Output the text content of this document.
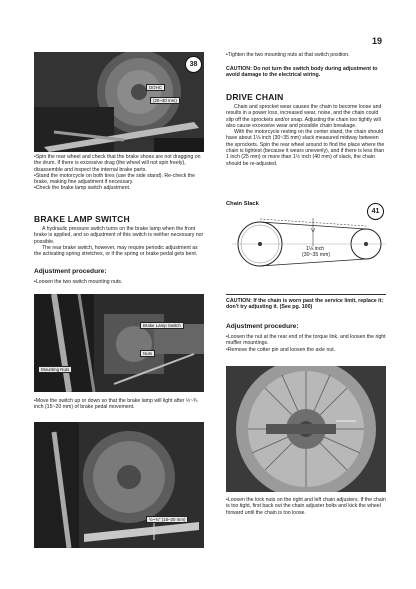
19
DOHC
(20~30 mm)
38

•Spin the rear wheel and check that the brake shoes are not dragging on the drum. If there is excessive drag (the wheel will not spin freely), disassemble and inspect the internal brake parts.

•Stand the motorcycle on both tires (use the side stand). Re-check the brake, making fine adjustment if necessary.

•Check the brake lamp switch adjustment.

BRAKE LAMP SWITCH

A hydraulic pressure switch turns on the brake lamp when the front brake is applied, and so adjustment of this switch is neither necessary nor possible.

The rear brake switch, however, may require periodic adjustment as the activating spring stretches, or if the spring or brake pedal gets bent.

Adjustment procedure:
•Loosen the two switch mounting nuts.
Brake Lamp Switch
Nuts
Mounting Nuts
•Move the switch up or down so that the brake lamp will light after ½~¾ inch (15~20 mm) of brake pedal movement.
½~¾" (15~20 mm)
•Tighten the two mounting nuts at that switch position.
CAUTION: Do not turn the switch body during adjustment to avoid damage to the electrical wiring.
DRIVE CHAIN

Chain and sprocket wear causes the chain to become loose and results in a power loss, increased wear, noise, and the chain could slip off the sprockets and/or snap. Adjusting the chain too tightly will also cause excessive wear and possible chain breakage.

With the motorcycle resting on the center stand, the chain should have about 1⅛ inch (30~35 mm) slack measured midway between the sprockets. Spin the rear wheel around to find the place where the chain is tightest (because it wears unevenly), and if there is less than 1 inch (25 mm) or more than 1½ inch (40 mm) of slack, the chain should be re-adjusted.

Chain Slack
41
1⅛ inch
(30~35 mm)
CAUTION: If the chain is worn past the service limit, replace it; don't try adjusting it. (See pg. 100)
Adjustment procedure:

•Loosen the nut at the rear end of the torque link, and loosen the right muffler mountings.

•Remove the cotter pin and loosen the axle nut.

•Loosen the lock nuts on the right and left chain adjusters. If the chain is too tight, first back out the chain adjuster bolts and kick the wheel forward until the chain is too loose.
